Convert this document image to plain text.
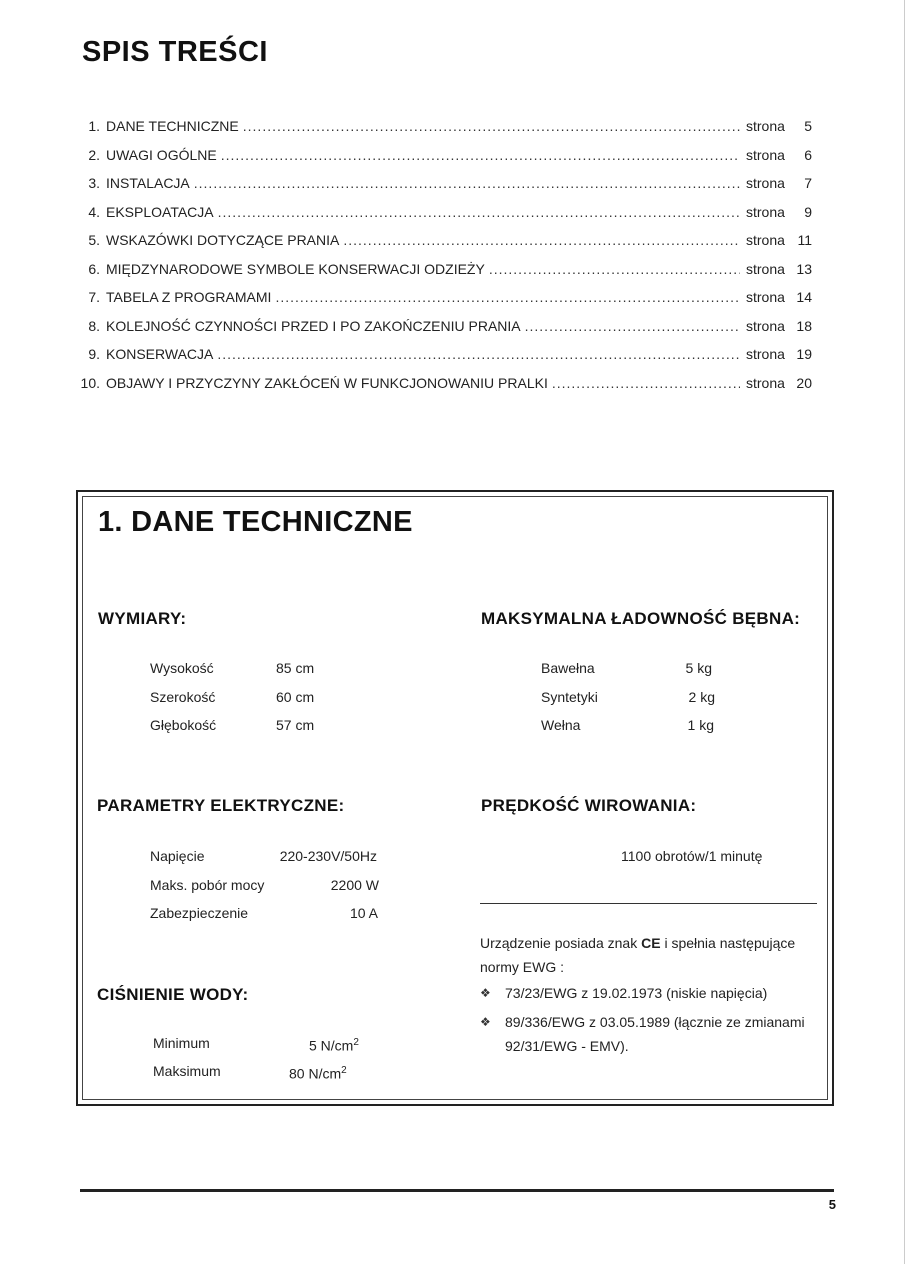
SPIS TREŚCI
1. DANE TECHNICZNE .....	strona	5
2. UWAGI OGÓLNE .....	strona	6
3. INSTALACJA .....	strona	7
4. EKSPLOATACJA .....	strona	9
5. WSKAZÓWKI DOTYCZĄCE PRANIA .....	strona 11
6. MIĘDZYNARODOWE SYMBOLE KONSERWACJI ODZIEŻY .....	strona 13
7. TABELA Z PROGRAMAMI .....	strona 14
8. KOLEJNOŚĆ CZYNNOŚCI PRZED I PO ZAKOŃCZENIU PRANIA .....	strona 18
9. KONSERWACJA .....	strona 19
10. OBJAWY I PRZYCZYNY ZAKŁÓCEŃ W FUNKCJONOWANIU PRALKI .....	strona 20
1. DANE TECHNICZNE
WYMIARY:
Wysokość	85 cm
Szerokość	60 cm
Głębokość	57 cm
MAKSYMALNA ŁADOWNOŚĆ BĘBNA:
Bawełna	5 kg
Syntetyki	2 kg
Wełna	1 kg
PARAMETRY ELEKTRYCZNE:
Napięcie	220-230V/50Hz
Maks. pobór mocy	2200 W
Zabezpieczenie	10 A
PRĘDKOŚĆ WIROWANIA:
1100 obrotów/1 minutę
Urządzenie posiada znak CE i spełnia następujące normy EWG :
❖ 73/23/EWG z 19.02.1973 (niskie napięcia)
❖ 89/336/EWG z 03.05.1989 (łącznie ze zmianami 92/31/EWG - EMV).
CIŚNIENIE WODY:
Minimum	5 $N/cm^2$
Maksimum	80 $N/cm^2$
5
